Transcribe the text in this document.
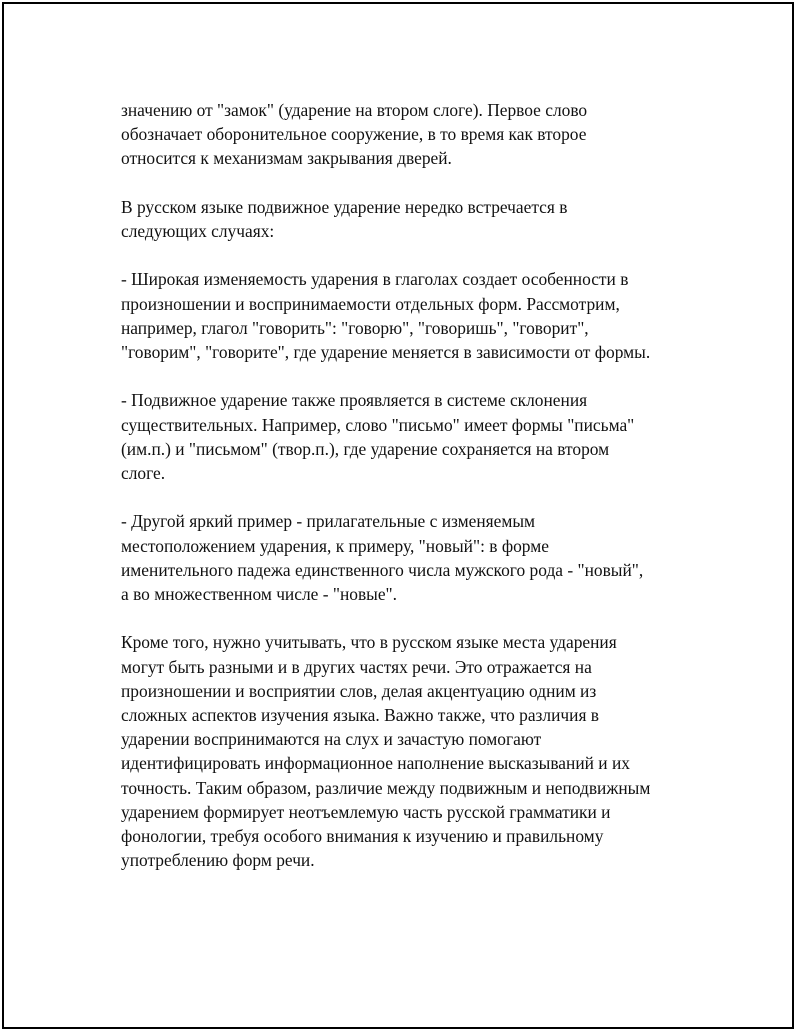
значению от "замок" (ударение на втором слоге). Первое слово
обозначает оборонительное сооружение, в то время как второе
относится к механизмам закрывания дверей.

В русском языке подвижное ударение нередко встречается в
следующих случаях:

- Широкая изменяемость ударения в глаголах создает особенности в
произношении и воспринимаемости отдельных форм. Рассмотрим,
например, глагол "говорить": "говорю", "говоришь", "говорит",
"говорим", "говорите", где ударение меняется в зависимости от формы.

- Подвижное ударение также проявляется в системе склонения
существительных. Например, слово "письмо" имеет формы "письма"
(им.п.) и "письмом" (твор.п.), где ударение сохраняется на втором
слоге.

- Другой яркий пример - прилагательные с изменяемым
местоположением ударения, к примеру, "новый": в форме
именительного падежа единственного числа мужского рода - "новый",
а во множественном числе - "новые".

Кроме того, нужно учитывать, что в русском языке места ударения
могут быть разными и в других частях речи. Это отражается на
произношении и восприятии слов, делая акцентуацию одним из
сложных аспектов изучения языка. Важно также, что различия в
ударении воспринимаются на слух и зачастую помогают
идентифицировать информационное наполнение высказываний и их
точность. Таким образом, различие между подвижным и неподвижным
ударением формирует неотъемлемую часть русской грамматики и
фонологии, требуя особого внимания к изучению и правильному
употреблению форм речи.
